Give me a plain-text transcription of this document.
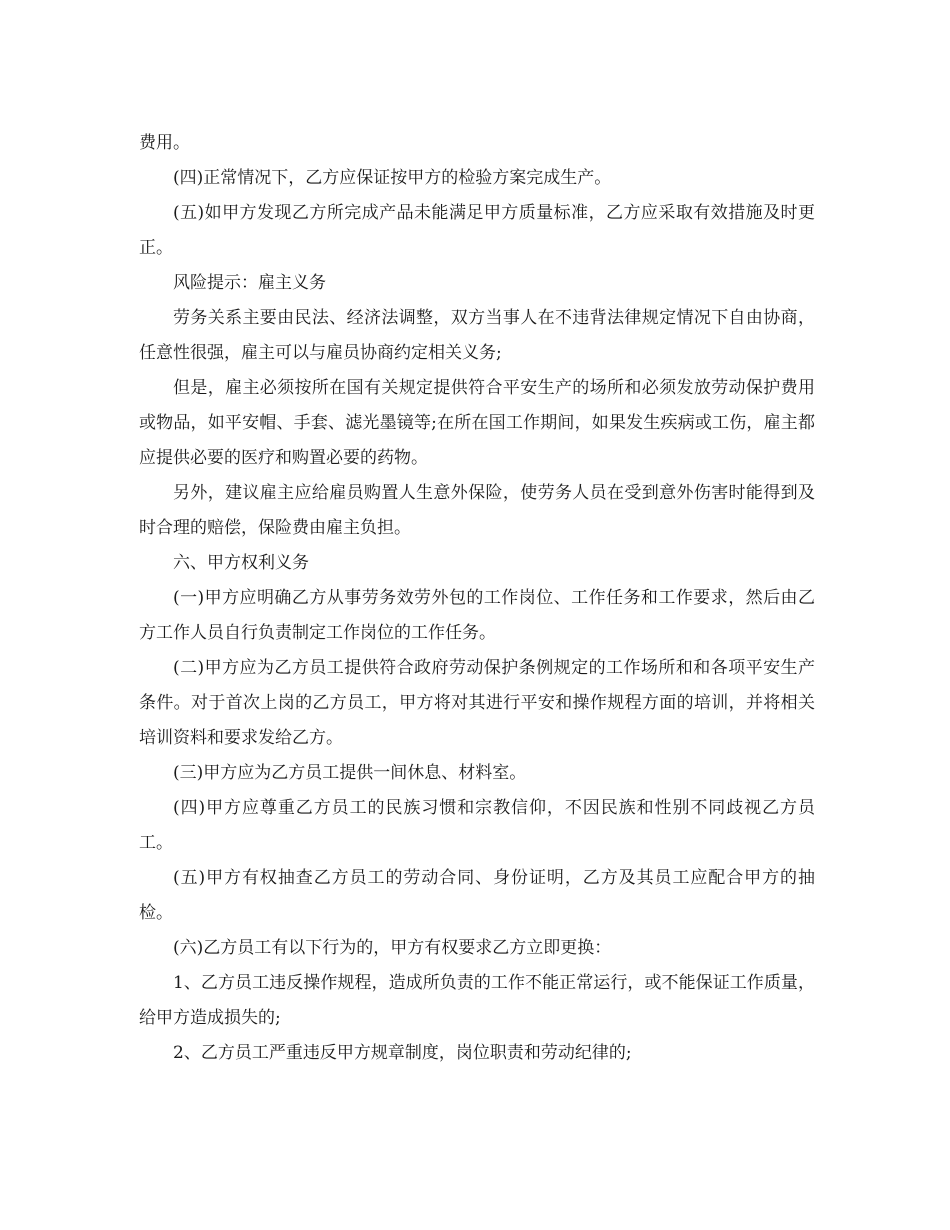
费用。

(四)正常情况下，乙方应保证按甲方的检验方案完成生产。

(五)如甲方发现乙方所完成产品未能满足甲方质量标准，乙方应采取有效措施及时更正。

风险提示：雇主义务

劳务关系主要由民法、经济法调整，双方当事人在不违背法律规定情况下自由协商，任意性很强，雇主可以与雇员协商约定相关义务;

但是，雇主必须按所在国有关规定提供符合平安生产的场所和必须发放劳动保护费用或物品，如平安帽、手套、滤光墨镜等;在所在国工作期间，如果发生疾病或工伤，雇主都应提供必要的医疗和购置必要的药物。

另外，建议雇主应给雇员购置人生意外保险，使劳务人员在受到意外伤害时能得到及时合理的赔偿，保险费由雇主负担。

六、甲方权利义务

(一)甲方应明确乙方从事劳务效劳外包的工作岗位、工作任务和工作要求，然后由乙方工作人员自行负责制定工作岗位的工作任务。

(二)甲方应为乙方员工提供符合政府劳动保护条例规定的工作场所和和各项平安生产条件。对于首次上岗的乙方员工，甲方将对其进行平安和操作规程方面的培训，并将相关培训资料和要求发给乙方。

(三)甲方应为乙方员工提供一间休息、材料室。

(四)甲方应尊重乙方员工的民族习惯和宗教信仰，不因民族和性别不同歧视乙方员工。

(五)甲方有权抽查乙方员工的劳动合同、身份证明，乙方及其员工应配合甲方的抽检。

(六)乙方员工有以下行为的，甲方有权要求乙方立即更换：

1、乙方员工违反操作规程，造成所负责的工作不能正常运行，或不能保证工作质量，给甲方造成损失的;

2、乙方员工严重违反甲方规章制度，岗位职责和劳动纪律的;
